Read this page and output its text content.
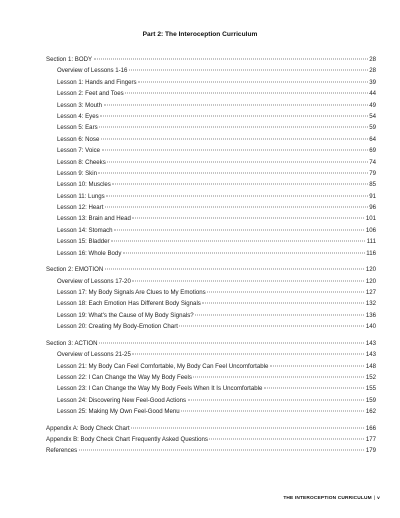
Part 2: The Interoception Curriculum
Section 1: BODY	28
Overview of Lessons 1-16	28
Lesson 1: Hands and Fingers	39
Lesson 2: Feet and Toes	44
Lesson 3: Mouth	49
Lesson 4: Eyes	54
Lesson 5: Ears	59
Lesson 6: Nose	64
Lesson 7: Voice	69
Lesson 8: Cheeks	74
Lesson 9: Skin	79
Lesson 10: Muscles	85
Lesson 11: Lungs	91
Lesson 12: Heart	96
Lesson 13: Brain and Head	101
Lesson 14: Stomach	106
Lesson 15: Bladder	111
Lesson 16: Whole Body	116
Section 2: EMOTION	120
Overview of Lessons 17-20	120
Lesson 17: My Body Signals Are Clues to My Emotions	127
Lesson 18: Each Emotion Has Different Body Signals	132
Lesson 19: What's the Cause of My Body Signals?	136
Lesson 20: Creating My Body-Emotion Chart	140
Section 3: ACTION	143
Overview of Lessons 21-25	143
Lesson 21: My Body Can Feel Comfortable, My Body Can Feel Uncomfortable	148
Lesson 22: I Can Change the Way My Body Feels	152
Lesson 23: I Can Change the Way My Body Feels When It Is Uncomfortable	155
Lesson 24: Discovering New Feel-Good Actions	159
Lesson 25: Making My Own Feel-Good Menu	162
Appendix A: Body Check Chart	166
Appendix B: Body Check Chart Frequently Asked Questions	177
References	179
THE INTEROCEPTION CURRICULUM | v
